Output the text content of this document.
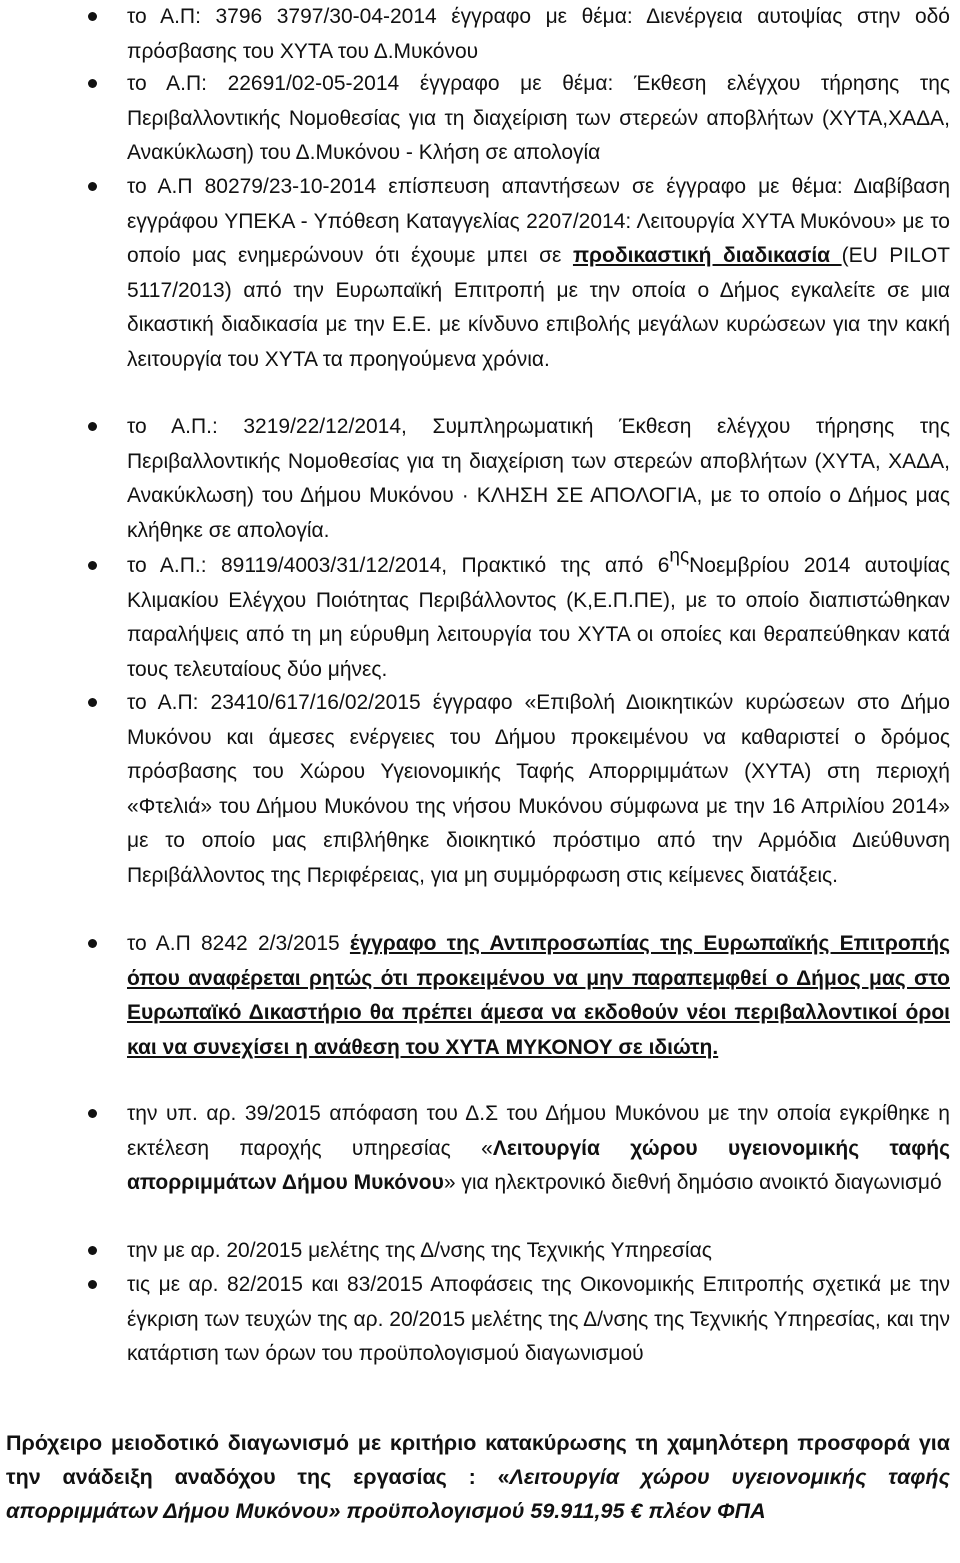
το Α.Π: 3796 3797/30-04-2014 έγγραφο με θέμα: Διενέργεια αυτοψίας στην οδό πρόσβασης του ΧΥΤΑ του Δ.Μυκόνου
το Α.Π: 22691/02-05-2014 έγγραφο με θέμα: Έκθεση ελέγχου τήρησης της Περιβαλλοντικής Νομοθεσίας για τη διαχείριση των στερεών αποβλήτων (ΧΥΤΑ,ΧΑΔΑ, Ανακύκλωση) του Δ.Μυκόνου - Κλήση σε απολογία
το Α.Π 80279/23-10-2014 επίσπευση απαντήσεων σε έγγραφο με θέμα: Διαβίβαση εγγράφου ΥΠΕΚΑ - Υπόθεση Καταγγελίας 2207/2014: Λειτουργία ΧΥΤΑ Μυκόνου» με το οποίο μας ενημερώνουν ότι έχουμε μπει σε προδικαστική διαδικασία (EU PILOT 5117/2013) από την Ευρωπαϊκή Επιτροπή με την οποία ο Δήμος εγκαλείτε σε μια δικαστική διαδικασία με την Ε.Ε. με κίνδυνο επιβολής μεγάλων κυρώσεων για την κακή λειτουργία του ΧΥΤΑ τα προηγούμενα χρόνια.
το Α.Π.: 3219/22/12/2014, Συμπληρωματική Έκθεση ελέγχου τήρησης της Περιβαλλοντικής Νομοθεσίας για τη διαχείριση των στερεών αποβλήτων (ΧΥΤΑ, ΧΑΔΑ, Ανακύκλωση) του Δήμου Μυκόνου · ΚΛΗΣΗ ΣΕ ΑΠΟΛΟΓΙΑ, με το οποίο ο Δήμος μας κλήθηκε σε απολογία.
το Α.Π.: 89119/4003/31/12/2014, Πρακτικό της από $6^{\eta\varsigma}No\varepsilon\mu\beta\rho ίo\upsilon$ 2014 αυτοψίας Κλιμακίου Ελέγχου Ποιότητας Περιβάλλοντος (Κ,Ε.Π.ΠΕ), με το οποίο διαπιστώθηκαν παραλήψεις από τη μη εύρυθμη λειτουργία του ΧΥΤΑ οι οποίες και θεραπεύθηκαν κατά τους τελευταίους δύο μήνες.
το Α.Π: 23410/617/16/02/2015 έγγραφο «Επιβολή Διοικητικών κυρώσεων στο Δήμο Μυκόνου και άμεσες ενέργειες του Δήμου προκειμένου να καθαριστεί ο δρόμος πρόσβασης του Χώρου Υγειονομικής Ταφής Απορριμμάτων (ΧΥΤΑ) στη περιοχή «Φτελιά» του Δήμου Μυκόνου της νήσου Μυκόνου σύμφωνα με την 16 Απριλίου 2014» με το οποίο μας επιβλήθηκε διοικητικό πρόστιμο από την Αρμόδια Διεύθυνση Περιβάλλοντος της Περιφέρειας, για μη συμμόρφωση στις κείμενες διατάξεις.
το Α.Π 8242 2/3/2015 έγγραφο της Αντιπροσωπίας της Ευρωπαϊκής Επιτροπής όπου αναφέρεται ρητώς ότι προκειμένου να μην παραπεμφθεί ο Δήμος μας στο Ευρωπαϊκό Δικαστήριο θα πρέπει άμεσα να εκδοθούν νέοι περιβαλλοντικοί όροι και να συνεχίσει η ανάθεση του ΧΥΤΑ ΜΥΚΟΝΟΥ σε ιδιώτη.
την υπ. αρ. 39/2015 απόφαση του Δ.Σ του Δήμου Μυκόνου με την οποία εγκρίθηκε η εκτέλεση παροχής υπηρεσίας «Λειτουργία χώρου υγειονομικής ταφής απορριμμάτων Δήμου Μυκόνου» για ηλεκτρονικό διεθνή δημόσιο ανοικτό διαγωνισμό
την με αρ. 20/2015 μελέτης της Δ/νσης της Τεχνικής Υπηρεσίας
τις με αρ. 82/2015 και 83/2015 Αποφάσεις της Οικονομικής Επιτροπής σχετικά με την έγκριση των τευχών της αρ. 20/2015 μελέτης της Δ/νσης της Τεχνικής Υπηρεσίας, και την κατάρτιση των όρων του προϋπολογισμού διαγωνισμού

Πρόχειρο μειοδοτικό διαγωνισμό με κριτήριο κατακύρωσης τη χαμηλότερη προσφορά για την ανάδειξη αναδόχου της εργασίας : «Λειτουργία χώρου υγειονομικής ταφής απορριμμάτων Δήμου Μυκόνου» προϋπολογισμού 59.911,95 € πλέον ΦΠΑ
